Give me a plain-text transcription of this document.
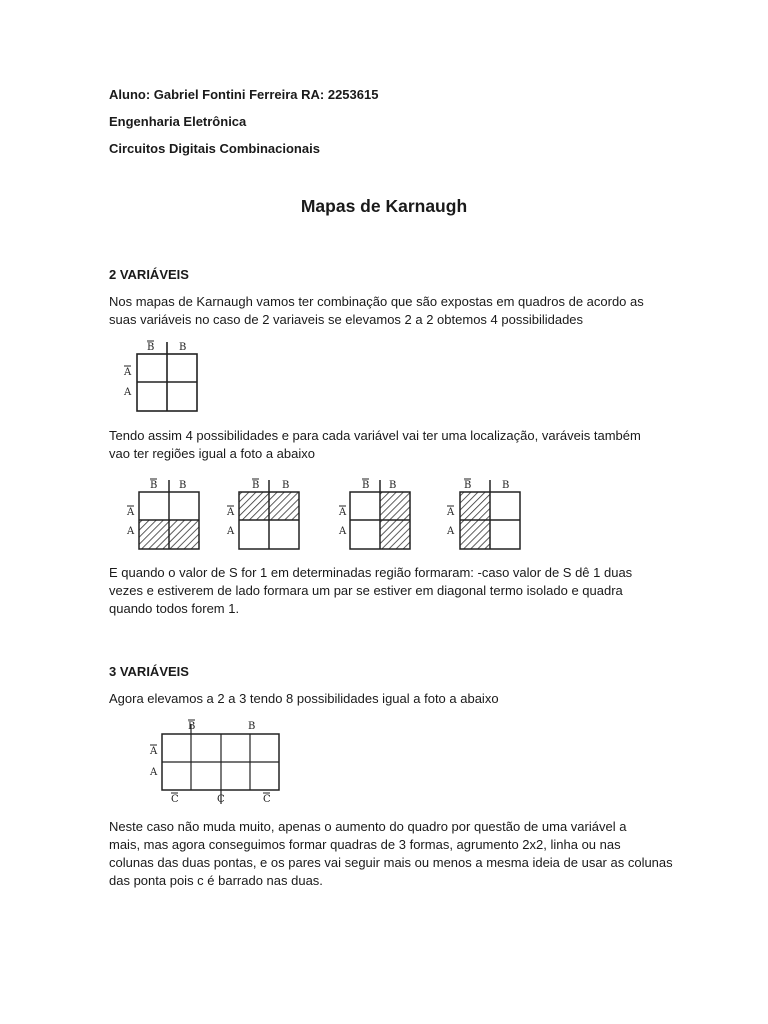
Aluno: Gabriel Fontini Ferreira RA: 2253615
Engenharia Eletrônica
Circuitos Digitais Combinacionais
Mapas de Karnaugh
2 VARIÁVEIS
Nos mapas de Karnaugh vamos ter combinação que são expostas em quadros de acordo as
suas variáveis no caso de 2 variaveis se elevamos 2 a 2 obtemos 4 possibilidades
B B
A
A
Tendo assim 4 possibilidades e para cada variável vai ter uma localização, varáveis também
vao ter regiões igual a foto a abaixo
B B
A
A
B B
A
A
B B
A
A
B	B
A
A
E quando o valor de S for 1 em determinadas região formaram: -caso valor de S dê 1 duas
vezes e estiverem de lado formara um par se estiver em diagonal termo isolado e quadra
quando todos forem 1.
3 VARIÁVEIS
Agora elevamos a 2 a 3 tendo 8 possibilidades igual a foto a abaixo
B	B
A
A
C	C	C
Neste caso não muda muito, apenas o aumento do quadro por questão de uma variável a
mais, mas agora conseguimos formar quadras de 3 formas, agrumento 2x2, linha ou nas
colunas das duas pontas, e os pares vai seguir mais ou menos a mesma ideia de usar as colunas
das ponta pois c é barrado nas duas.
